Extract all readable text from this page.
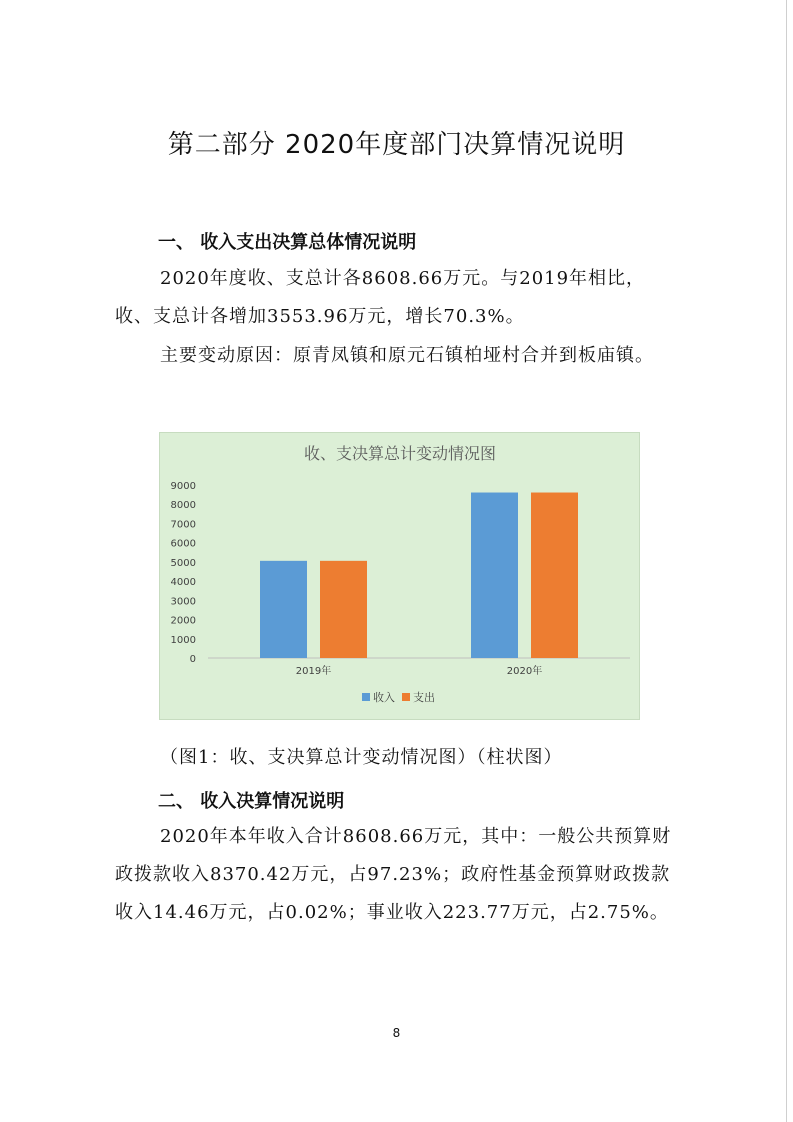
第二部分 2020年度部门决算情况说明
一、 收入支出决算总体情况说明

2020年度收、支总计各8608.66万元。与2019年相比，收、支总计各增加3553.96万元，增长70.3%。

主要变动原因：原青凤镇和原元石镇柏垭村合并到板庙镇。

收、支决算总计变动情况图
0
1000
2000
3000
4000
5000
6000
7000
8000
9000
2019年	2020年
收入 支出

（图1：收、支决算总计变动情况图）（柱状图）

二、 收入决算情况说明

2020年本年收入合计8608.66万元，其中：一般公共预算财政拨款收入8370.42万元，占97.23%；政府性基金预算财政拨款收入14.46万元，占0.02%；事业收入223.77万元，占2.75%。

8
